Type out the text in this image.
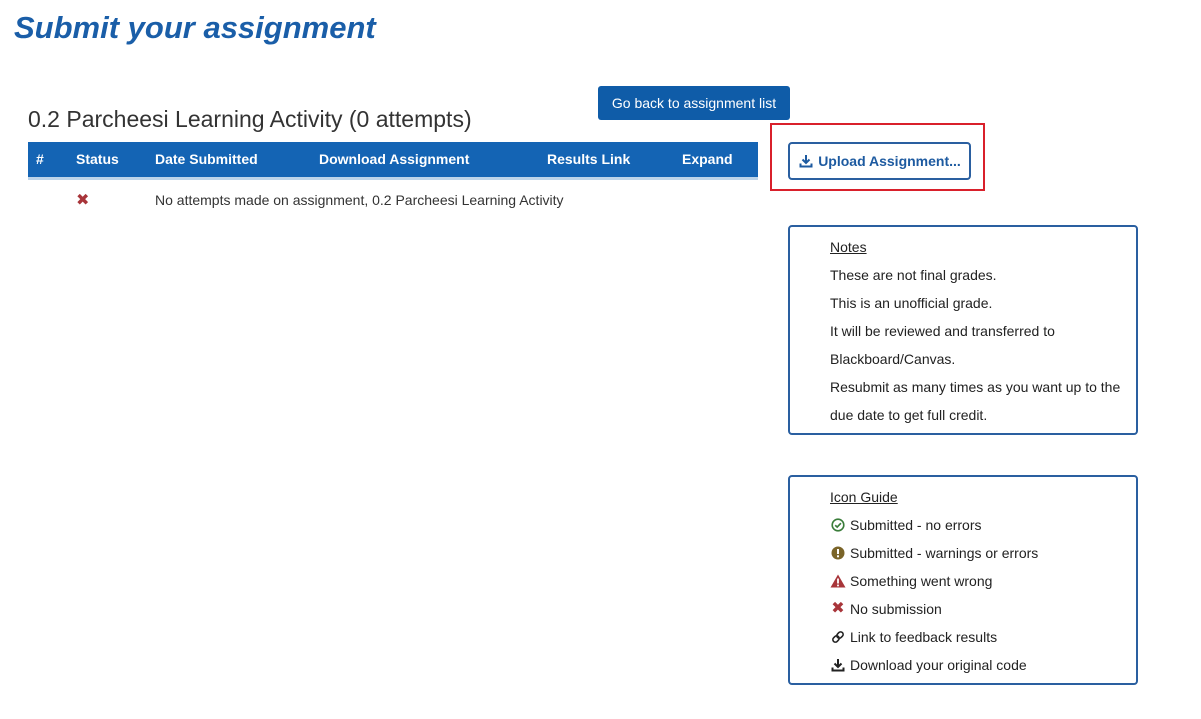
Submit your assignment
Go back to assignment list
0.2 Parcheesi Learning Activity (0 attempts)
#	Status	Date Submitted	Download Assignment	Results Link	Expand
	✖	No attempts made on assignment, 0.2 Parcheesi Learning Activity			
Upload Assignment...
Notes
These are not final grades.
This is an unofficial grade.
It will be reviewed and transferred to
Blackboard/Canvas.
Resubmit as many times as you want up to the
due date to get full credit.
Icon Guide
Submitted - no errors
Submitted - warnings or errors
Something went wrong
✖ No submission
Link to feedback results
Download your original code
